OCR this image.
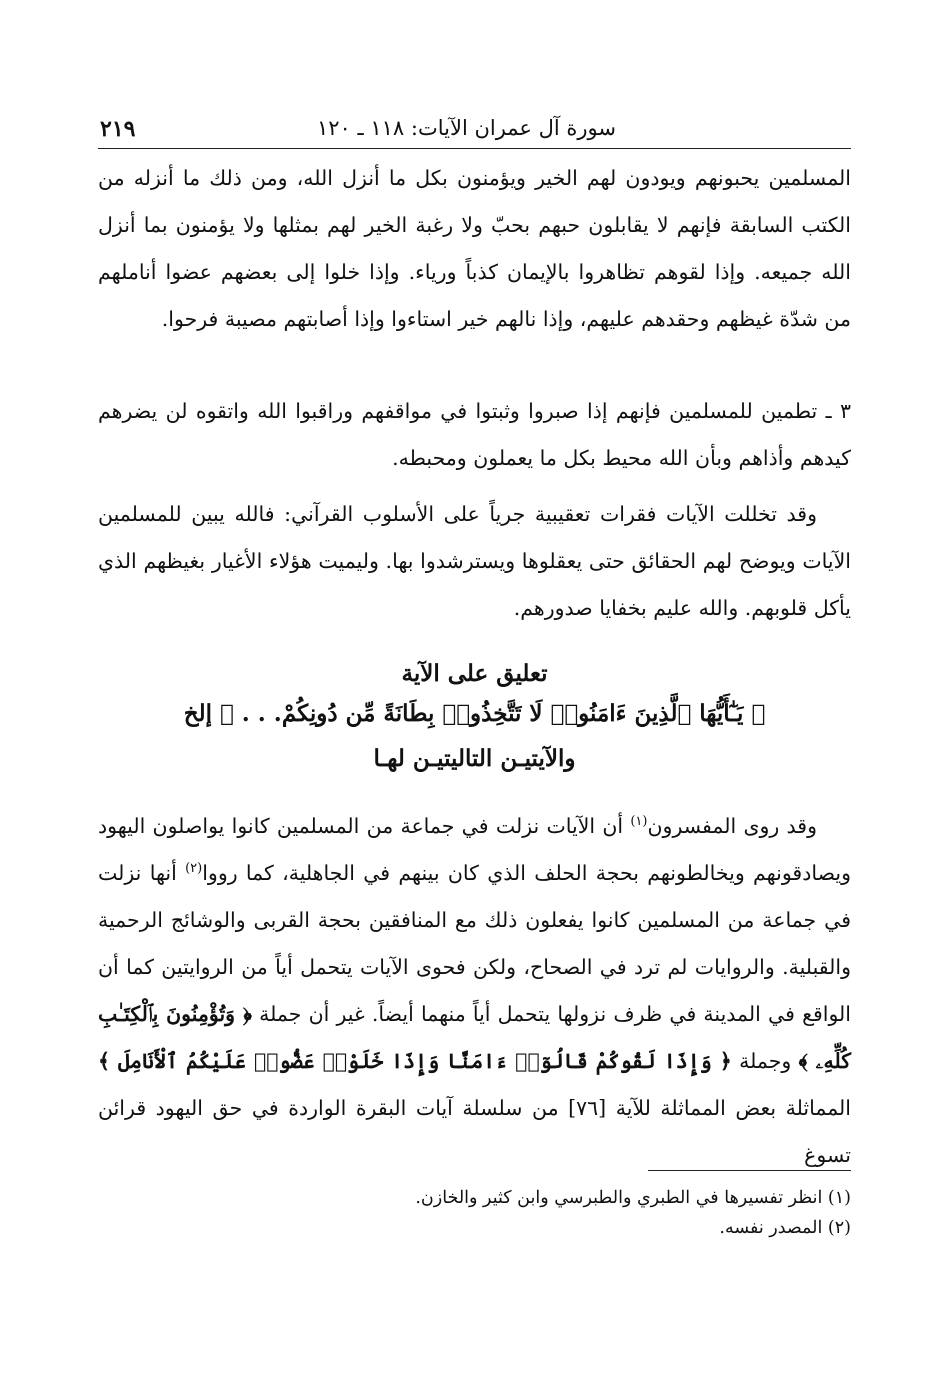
سورة آل عمران الآيات: ١١٨ ـ ١٢٠
٢١٩

المسلمين يحبونهم ويودون لهم الخير ويؤمنون بكل ما أنزل الله، ومن ذلك ما أنزله من الكتب السابقة فإنهم لا يقابلون حبهم بحبّ ولا رغبة الخير لهم بمثلها ولا يؤمنون بما أنزل الله جميعه. وإذا لقوهم تظاهروا بالإيمان كذباً ورياء. وإذا خلوا إلى بعضهم عضوا أناملهم من شدّة غيظهم وحقدهم عليهم، وإذا نالهم خير استاءوا وإذا أصابتهم مصيبة فرحوا.

٣ ـ تطمين للمسلمين فإنهم إذا صبروا وثبتوا في مواقفهم وراقبوا الله واتقوه لن يضرهم كيدهم وأذاهم وبأن الله محيط بكل ما يعملون ومحبطه.

وقد تخللت الآيات فقرات تعقيبية جرياً على الأسلوب القرآني: فالله يبين للمسلمين الآيات ويوضح لهم الحقائق حتى يعقلوها ويسترشدوا بها. وليميت هؤلاء الأغيار بغيظهم الذي يأكل قلوبهم. والله عليم بخفايا صدورهم.

تعليق على الآية

﴿ يَـٰٓأَيُّهَا ٱلَّذِينَ ءَامَنُوا۟ لَا تَتَّخِذُوا۟ بِطَانَةً مِّن دُونِكُمْ. . . ﴾ إلخ

والآيتيـن التاليتيـن لهـا

وقد روى المفسرون$^{(١)}$ أن الآيات نزلت في جماعة من المسلمين كانوا يواصلون اليهود ويصادقونهم ويخالطونهم بحجة الحلف الذي كان بينهم في الجاهلية، كما رووا$^{(٢)}$ أنها نزلت في جماعة من المسلمين كانوا يفعلون ذلك مع المنافقين بحجة القربى والوشائج الرحمية والقبلية. والروايات لم ترد في الصحاح، ولكن فحوى الآيات يتحمل أياً من الروايتين كما أن الواقع في المدينة في ظرف نزولها يتحمل أياً منهما أيضاً. غير أن جملة ﴿ وَتُؤْمِنُونَ بِٱلْكِتَـٰبِ كُلِّهِۦ ﴾ وجملة ﴿ وَإِذَا لَقُوكُمْ قَالُوٓا۟ ءَامَنَّا وَإِذَا خَلَوْا۟ عَضُّوا۟ عَلَيْكُمُ ٱلْأَنَامِلَ ﴾ المماثلة بعض المماثلة للآية [٧٦] من سلسلة آيات البقرة الواردة في حق اليهود قرائن تسوغ

(١) انظر تفسيرها في الطبري والطبرسي وابن كثير والخازن.

(٢) المصدر نفسه.
